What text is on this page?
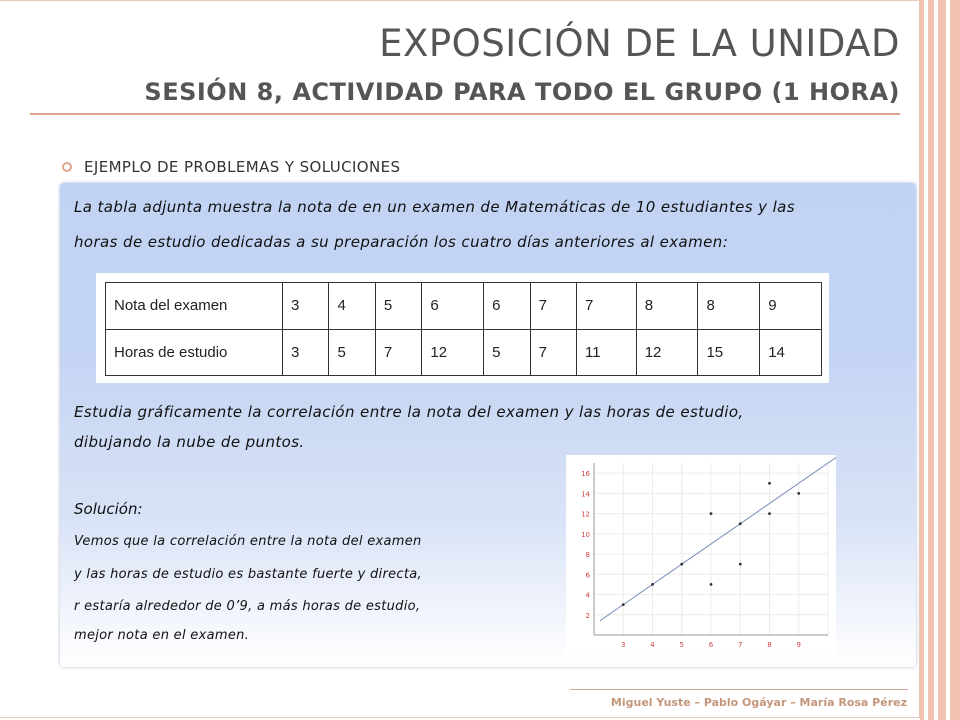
EXPOSICIÓN DE LA UNIDAD
SESIÓN 8, ACTIVIDAD PARA TODO EL GRUPO (1 HORA)
EJEMPLO DE PROBLEMAS Y SOLUCIONES
La tabla adjunta muestra la nota de en un examen de Matemáticas de 10 estudiantes y las
horas de estudio dedicadas a su preparación los cuatro días anteriores al examen:
Nota del examen	3	4	5	6	6	7	7	8	8	9
Horas de estudio	3	5	7	12	5	7	11	12	15	14
Estudia gráficamente la correlación entre la nota del examen y las horas de estudio,
dibujando la nube de puntos.
Solución:
Vemos que la correlación entre la nota del examen
y las horas de estudio es bastante fuerte y directa,
r estaría alrededor de 0’9, a más horas de estudio,
mejor nota en el examen.
3	4	5	6	7	8	9
2
4
6
8
10
12
14
16
Miguel Yuste – Pablo Ogáyar – María Rosa Pérez
